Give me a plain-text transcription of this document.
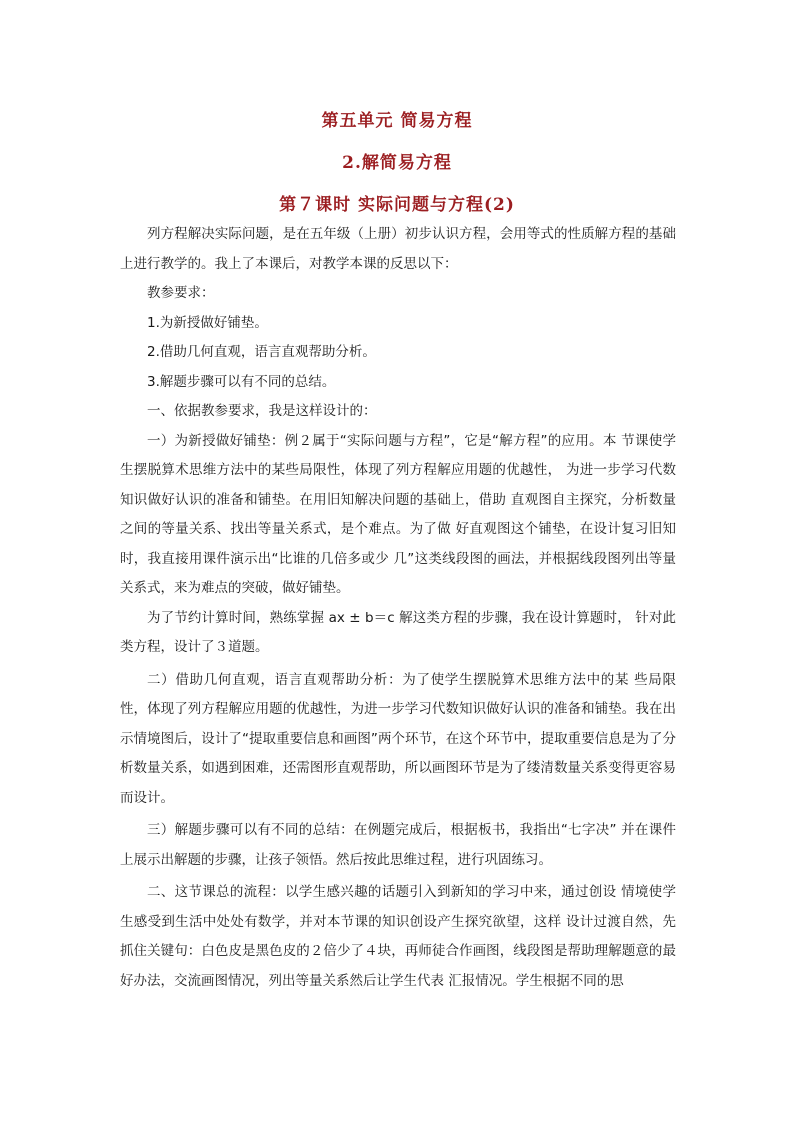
第五单元 简易方程
2.解简易方程
第７课时 实际问题与方程(2)

列方程解决实际问题，是在五年级（上册）初步认识方程，会用等式的性质解方程的基础上进行教学的。我上了本课后，对教学本课的反思以下：

教参要求：

1.为新授做好铺垫。

2.借助几何直观，语言直观帮助分析。

3.解题步骤可以有不同的总结。

一、依据教参要求，我是这样设计的：

一）为新授做好铺垫：例２属于“实际问题与方程”，它是“解方程”的应用。本 节课使学生摆脱算术思维方法中的某些局限性，体现了列方程解应用题的优越性， 为进一步学习代数知识做好认识的准备和铺垫。在用旧知解决问题的基础上，借助 直观图自主探究，分析数量之间的等量关系、找出等量关系式，是个难点。为了做 好直观图这个铺垫，在设计复习旧知时，我直接用课件演示出“比谁的几倍多或少 几”这类线段图的画法，并根据线段图列出等量关系式，来为难点的突破，做好铺垫。

为了节约计算时间，熟练掌握 ax ± b＝c 解这类方程的步骤，我在设计算题时， 针对此类方程，设计了３道题。

二）借助几何直观，语言直观帮助分析：为了使学生摆脱算术思维方法中的某 些局限性，体现了列方程解应用题的优越性，为进一步学习代数知识做好认识的准备和铺垫。我在出示情境图后，设计了“提取重要信息和画图”两个环节，在这个环节中，提取重要信息是为了分析数量关系，如遇到困难，还需图形直观帮助，所以画图环节是为了缕清数量关系变得更容易而设计。

三）解题步骤可以有不同的总结：在例题完成后，根据板书，我指出“七字决” 并在课件上展示出解题的步骤，让孩子领悟。然后按此思维过程，进行巩固练习。

二、这节课总的流程：以学生感兴趣的话题引入到新知的学习中来，通过创设 情境使学生感受到生活中处处有数学，并对本节课的知识创设产生探究欲望，这样 设计过渡自然，先抓住关键句：白色皮是黑色皮的２倍少了４块，再师徒合作画图，线段图是帮助理解题意的最好办法，交流画图情况，列出等量关系然后让学生代表 汇报情况。学生根据不同的思
